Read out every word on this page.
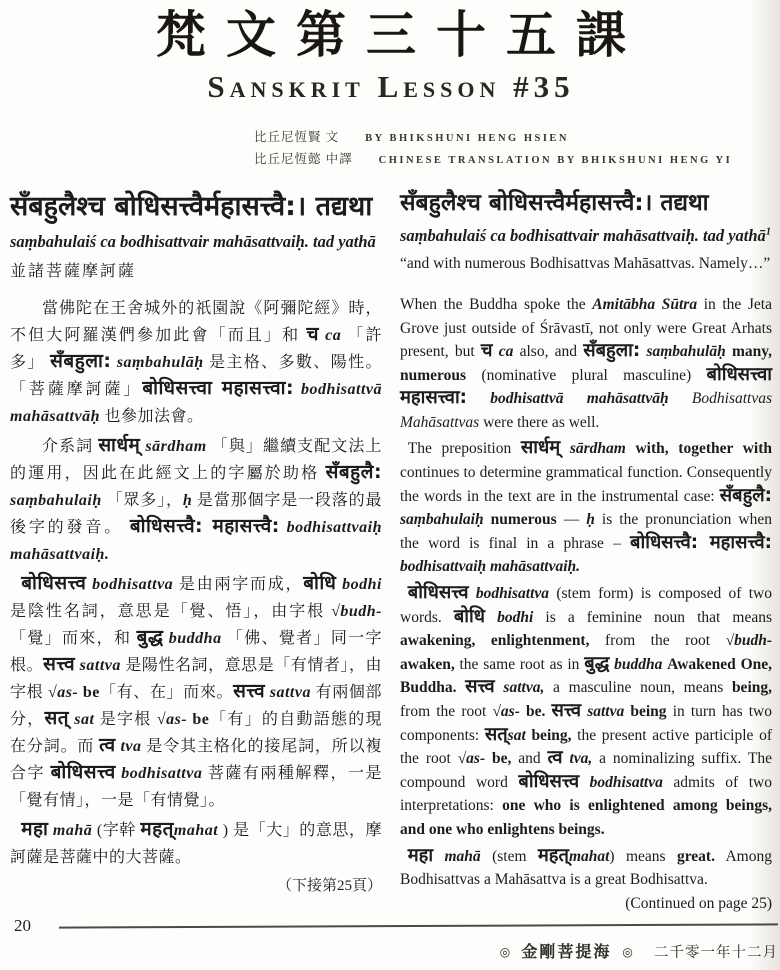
梵文第三十五課
Sanskrit Lesson #35
比丘尼恆賢 文 BY BHIKSHUNI HENG HSIEN
比丘尼恆懿 中譯 CHINESE TRANSLATION BY BHIKSHUNI HENG YI
सँबहुलैश्च बोधिसत्त्वैर्महासत्त्वै:। तद्यथा

saṃbahulaiś ca bodhisattvair mahāsattvaiḥ. tad yathā

並諸菩薩摩訶薩

當佛陀在王舍城外的祇園說《阿彌陀經》時，不但大阿羅漢們參加此會「而且」和 च ca 「許多」 सँबहुला: saṃbahulāḥ 是主格、多數、陽性。「菩薩摩訶薩」बोधिसत्त्वा महासत्त्वा: bodhisattvā mahāsattvāḥ 也參加法會。

介系詞 सार्धम् sārdham 「與」繼續支配文法上的運用，因此在此經文上的字屬於助格 सँबहुलै: saṃbahulaiḥ 「眾多」，ḥ 是當那個字是一段落的最後字的發音。 बोधिसत्त्वै: महासत्त्वै: bodhisattvaiḥ mahāsattvaiḥ.

बोधिसत्त्व bodhisattva 是由兩字而成，बोधि bodhi 是陰性名詞，意思是「覺、悟」，由字根 √budh- 「覺」而來，和 बुद्ध buddha 「佛、覺者」同一字根。सत्त्व sattva 是陽性名詞，意思是「有情者」，由字根 √as- be「有、在」而來。सत्त्व sattva 有兩個部分，सत् sat 是字根 √as- be「有」的自動語態的現在分詞。而 त्व tva 是令其主格化的接尾詞，所以複合字 बोधिसत्त्व bodhisattva 菩薩有兩種解釋，一是「覺有情」，一是「有情覺」。

महा mahā (字幹 महत्mahat ) 是「大」的意思，摩訶薩是菩薩中的大菩薩。

（下接第25頁）

सँबहुलैश्च बोधिसत्त्वैर्महासत्त्वै:। तद्यथा

saṃbahulaiś ca bodhisattvair mahāsattvaiḥ. tad yathā$^1$

“and with numerous Bodhisattvas Mahāsattvas. Namely…”

When the Buddha spoke the Amitābha Sūtra in the Jeta Grove just outside of Śrāvastī, not only were Great Arhats present, but च ca also, and सँबहुला: saṃbahulāḥ many, numerous (nominative plural masculine) बोधिसत्त्वा महासत्त्वा: bodhisattvā mahāsattvāḥ Bodhisattvas Mahāsattvas were there as well.

The preposition सार्धम् sārdham with, together with continues to determine grammatical function. Consequently the words in the text are in the instrumental case: सँबहुलै: saṃbahulaiḥ numerous — ḥ is the pronunciation when the word is final in a phrase – बोधिसत्त्वै: महासत्त्वै: bodhisattvaiḥ mahāsattvaiḥ.

बोधिसत्त्व bodhisattva (stem form) is composed of two words. बोधि bodhi is a feminine noun that means awakening, enlightenment, from the root √budh- awaken, the same root as in बुद्ध buddha Awakened One, Buddha. सत्त्व sattva, a masculine noun, means being, from the root √as- be. सत्त्व sattva being in turn has two components: सत्sat being, the present active participle of the root √as- be, and त्व tva, a nominalizing suffix. The compound word बोधिसत्त्व bodhisattva admits of two interpretations: one who is enlightened among beings, and one who enlightens beings.

महा mahā (stem महत्mahat) means great. Among Bodhisattvas a Mahāsattva is a great Bodhisattva.

(Continued on page 25)

20
◎ 金剛菩提海 ◎ 二千零一年十二月
